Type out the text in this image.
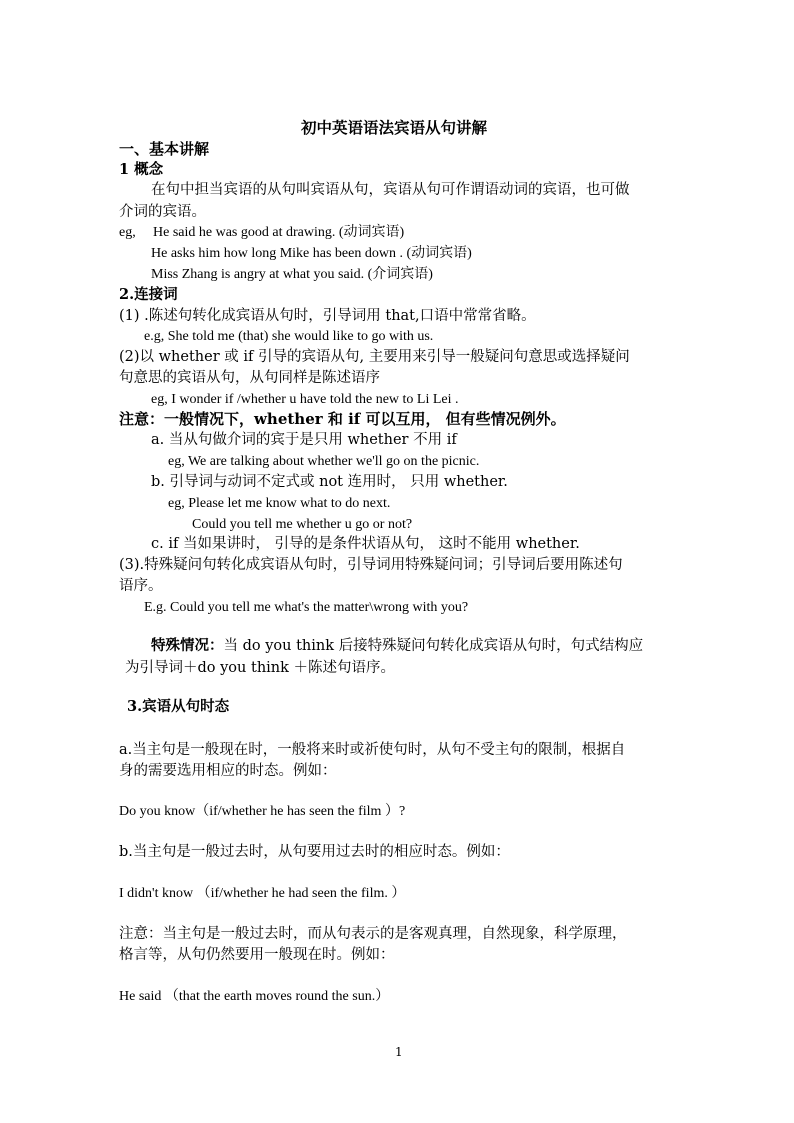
初中英语语法宾语从句讲解
一、基本讲解
1 概念
在句中担当宾语的从句叫宾语从句，宾语从句可作谓语动词的宾语，也可做
介词的宾语。
eg, He said he was good at drawing. (动词宾语)
He asks him how long Mike has been down . (动词宾语)
Miss Zhang is angry at what you said. (介词宾语)
2.连接词
(1) .陈述句转化成宾语从句时，引导词用 that,口语中常常省略。
e.g, She told me (that) she would like to go with us.
(2)以 whether 或 if 引导的宾语从句, 主要用来引导一般疑问句意思或选择疑问
句意思的宾语从句，从句同样是陈述语序
eg, I wonder if /whether u have told the new to Li Lei .
注意：一般情况下，whether 和 if 可以互用， 但有些情况例外。
a. 当从句做介词的宾于是只用 whether 不用 if
eg, We are talking about whether we'll go on the picnic.
b. 引导词与动词不定式或 not 连用时， 只用 whether.
eg, Please let me know what to do next.
Could you tell me whether u go or not?
c. if 当如果讲时， 引导的是条件状语从句， 这时不能用 whether.
(3).特殊疑问句转化成宾语从句时，引导词用特殊疑问词；引导词后要用陈述句
语序。
E.g. Could you tell me what's the matter\wrong with you?
特殊情况：当 do you think 后接特殊疑问句转化成宾语从句时，句式结构应
为引导词＋do you think ＋陈述句语序。
3.宾语从句时态
a.当主句是一般现在时，一般将来时或祈使句时，从句不受主句的限制，根据自
身的需要选用相应的时态。例如：
Do you know（if/whether he has seen the film ）?
b.当主句是一般过去时，从句要用过去时的相应时态。例如：
I didn't know （if/whether he had seen the film. ）
注意：当主句是一般过去时，而从句表示的是客观真理，自然现象，科学原理，
格言等，从句仍然要用一般现在时。例如：
He said （that the earth moves round the sun.）
1
